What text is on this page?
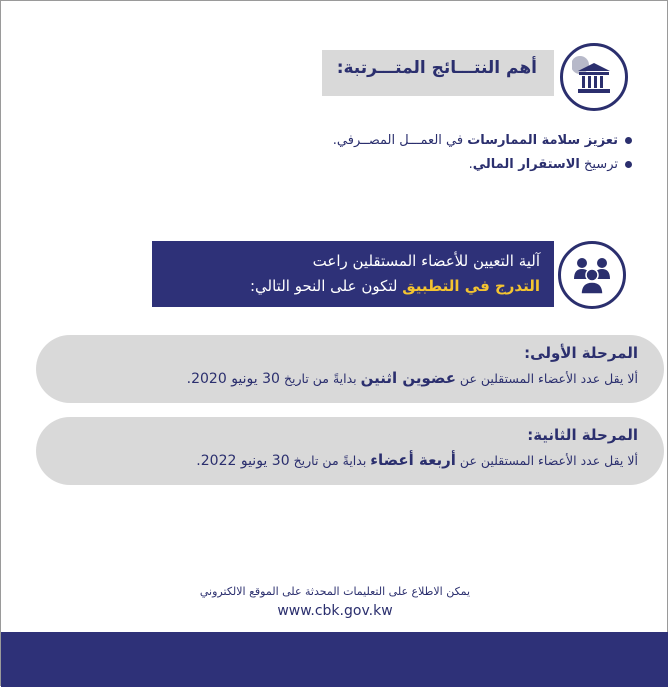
أهم النتـــائج المتـــرتبة:
تعزيز سلامة الممارسات في العمـــل المصــرفي.
ترسيخ الاستقرار المالي.
آلية التعيين للأعضاء المستقلين راعت
التدرج في التطبيق لتكون على النحو التالي:
المرحلة الأولى:
ألا يقل عدد الأعضاء المستقلين عن عضوين اثنين بدايةً من تاريخ 30 يونيو 2020.
المرحلة الثانية:
ألا يقل عدد الأعضاء المستقلين عن أربعة أعضاء بدايةً من تاريخ 30 يونيو 2022.
يمكن الاطلاع على التعليمات المحدثة على الموقع الالكتروني
www.cbk.gov.kw
